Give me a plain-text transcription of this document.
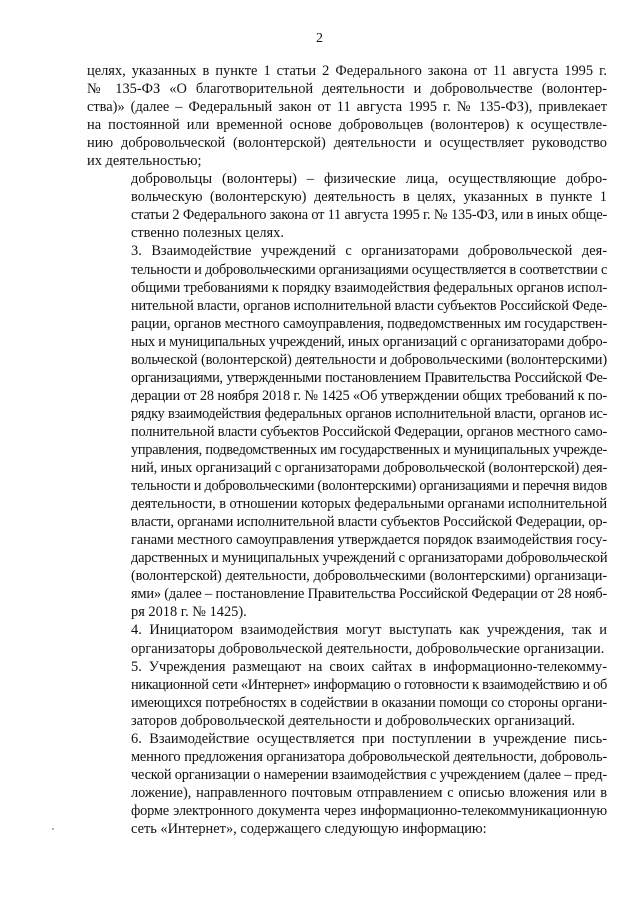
2

целях, указанных в пункте 1 статьи 2 Федерального закона от 11 августа 1995 г.
№ 135-ФЗ «О благотворительной деятельности и добровольчестве (волонтер-
ства)» (далее – Федеральный закон от 11 августа 1995 г. № 135-ФЗ), привлекает
на постоянной или временной основе добровольцев (волонтеров) к осуществле-
нию добровольческой (волонтерской) деятельности и осуществляет руководство
их деятельностью;

добровольцы (волонтеры) – физические лица, осуществляющие добро-
вольческую (волонтерскую) деятельность в целях, указанных в пункте 1
статьи 2 Федерального закона от 11 августа 1995 г. № 135-ФЗ, или в иных обще-
ственно полезных целях.

3. Взаимодействие учреждений с организаторами добровольческой дея-
тельности и добровольческими организациями осуществляется в соответствии с
общими требованиями к порядку взаимодействия федеральных органов испол-
нительной власти, органов исполнительной власти субъектов Российской Феде-
рации, органов местного самоуправления, подведомственных им государствен-
ных и муниципальных учреждений, иных организаций с организаторами добро-
вольческой (волонтерской) деятельности и добровольческими (волонтерскими)
организациями, утвержденными постановлением Правительства Российской Фе-
дерации от 28 ноября 2018 г. № 1425 «Об утверждении общих требований к по-
рядку взаимодействия федеральных органов исполнительной власти, органов ис-
полнительной власти субъектов Российской Федерации, органов местного само-
управления, подведомственных им государственных и муниципальных учрежде-
ний, иных организаций с организаторами добровольческой (волонтерской) дея-
тельности и добровольческими (волонтерскими) организациями и перечня видов
деятельности, в отношении которых федеральными органами исполнительной
власти, органами исполнительной власти субъектов Российской Федерации, ор-
ганами местного самоуправления утверждается порядок взаимодействия госу-
дарственных и муниципальных учреждений с организаторами добровольческой
(волонтерской) деятельности, добровольческими (волонтерскими) организаци-
ями» (далее – постановление Правительства Российской Федерации от 28 нояб-
ря 2018 г. № 1425).

4. Инициатором взаимодействия могут выступать как учреждения, так и
организаторы добровольческой деятельности, добровольческие организации.

5. Учреждения размещают на своих сайтах в информационно-телекомму-
никационной сети «Интернет» информацию о готовности к взаимодействию и об
имеющихся потребностях в содействии в оказании помощи со стороны органи-
заторов добровольческой деятельности и добровольческих организаций.

6. Взаимодействие осуществляется при поступлении в учреждение пись-
менного предложения организатора добровольческой деятельности, доброволь-
ческой организации о намерении взаимодействия с учреждением (далее – пред-
ложение), направленного почтовым отправлением с описью вложения или в
форме электронного документа через информационно-телекоммуникационную
сеть «Интернет», содержащего следующую информацию:
